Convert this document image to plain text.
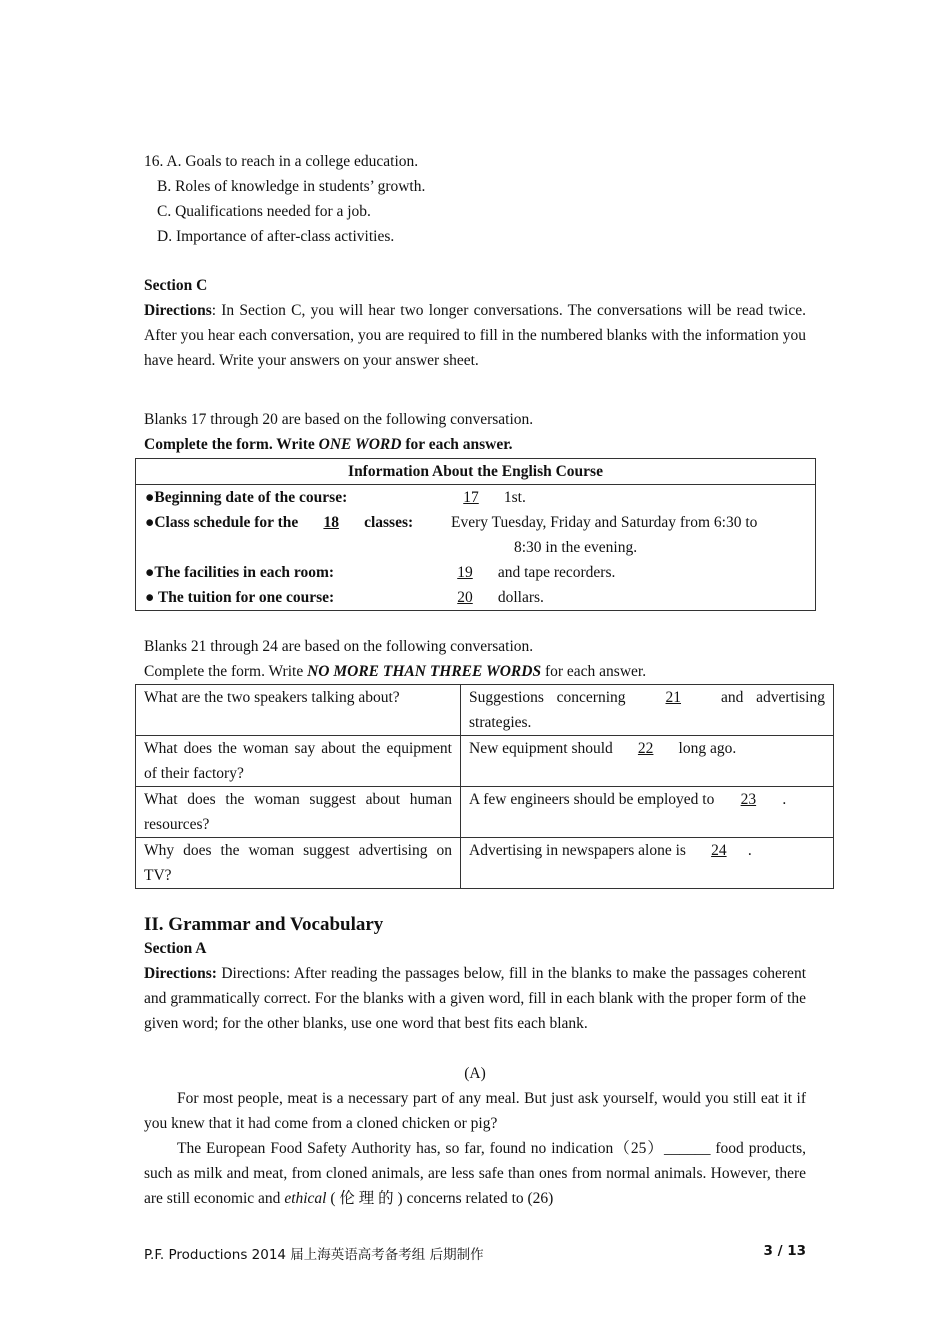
16. A. Goals to reach in a college education.
B. Roles of knowledge in students’ growth.
C. Qualifications needed for a job.
D. Importance of after-class activities.
Section C
Directions: In Section C, you will hear two longer conversations. The conversations will be read twice. After you hear each conversation, you are required to fill in the numbered blanks with the information you have heard. Write your answers on your answer sheet.
Blanks 17 through 20 are based on the following conversation.
Complete the form. Write ONE WORD for each answer.
Information About the English Course

●Beginning date of the course:	17 1st.
●Class schedule for the 18 classes: Every Tuesday, Friday and Saturday from 6:30 to
8:30 in the evening.
●The facilities in each room:	19 and tape recorders.
● The tuition for one course:	20 dollars.
Blanks 21 through 24 are based on the following conversation.
Complete the form. Write NO MORE THAN THREE WORDS for each answer.
What are the two speakers talking about?	Suggestions concerning 21 and advertising strategies.
What does the woman say about the equipment of their factory?	New equipment should 22 long ago.
What does the woman suggest about human resources?	A few engineers should be employed to 23 .
Why does the woman suggest advertising on TV?	Advertising in newspapers alone is 24 .
II. Grammar and Vocabulary
Section A
Directions: Directions: After reading the passages below, fill in the blanks to make the passages coherent and grammatically correct. For the blanks with a given word, fill in each blank with the proper form of the given word; for the other blanks, use one word that best fits each blank.
(A)
For most people, meat is a necessary part of any meal. But just ask yourself, would you still eat it if you knew that it had come from a cloned chicken or pig?
The European Food Safety Authority has, so far, found no indication（25）______ food products, such as milk and meat, from cloned animals, are less safe than ones from normal animals. However, there are still economic and ethical ( 伦 理 的 ) concerns related to (26)
P.F. Productions 2014 届上海英语高考备考组 后期制作	3 / 13
